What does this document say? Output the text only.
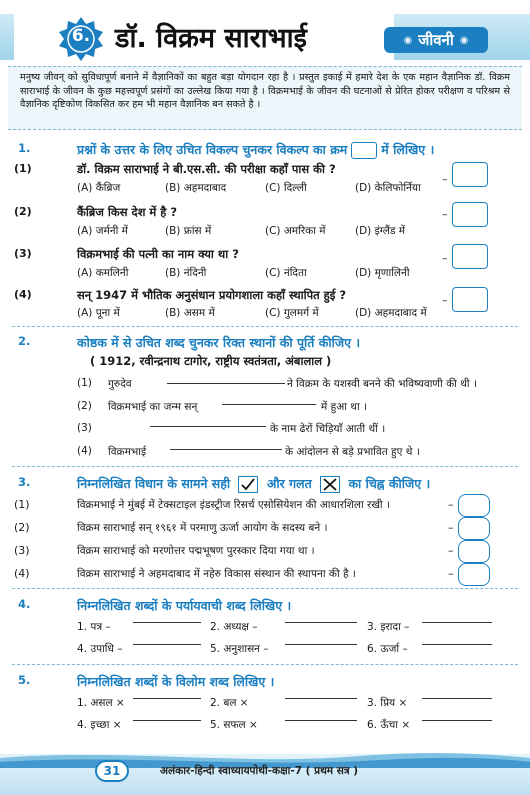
6. डॉ. विक्रम साराभाई	◉ जीवनी ◉
मनुष्य जीवन् को सुविधापूर्ण बनाने में वैज्ञानिकों का बहुत बड़ा योगदान रहा है । प्रस्तुत इकाई में हमारे देश के एक महान वैज्ञानिक डॉ. विक्रम साराभाई के जीवन के कुछ महत्त्वपूर्ण प्रसंगों का उल्लेख किया गया है । विक्रमभाई के जीवन की घटनाओं से प्रेरित होकर परीक्षण व परिश्रम से वैज्ञानिक दृष्टिकोण विकसित कर हम भी महान वैज्ञानिक बन सकते है ।
1.	प्रश्नों के उत्तर के लिए उचित विकल्प चुनकर विकल्प का क्रम	में लिखिए ।
(1)	डॉ. विक्रम साराभाई ने बी.एस.सी. की परीक्षा कहाँ पास की ?
(A) कैंब्रिज	(B) अहमदाबाद	(C) दिल्ली	(D) केलिफोर्निया
–
(2)	कैंब्रिज किस देश में है ?
(A) जर्मनी में	(B) फ्रांस में	(C) अमरिका में	(D) इंग्लैंड में
–
(3)	विक्रमभाई की पत्नी का नाम क्या था ?
(A) कमलिनी	(B) नंदिनी	(C) नंदिता	(D) मृणालिनी
–
(4)	सन् 1947 में भौतिक अनुसंधान प्रयोगशाला कहाँ स्थापित हुई ?
(A) पूना में	(B) असम में	(C) गुलमर्ग में	(D) अहमदाबाद में
–
2.	कोष्ठक में से उचित शब्द चुनकर रिक्त स्थानों की पूर्ति कीजिए ।
( 1912, रवीन्द्रनाथ टागोर, राष्ट्रीय स्वतंत्रता, अंबालाल )
(1) गुरुदेव	ने विक्रम के यशस्वी बनने की भविष्यवाणी की थी ।
(2) विक्रमभाई का जन्म सन्	में हुआ था ।
(3)	के नाम ढेरों चिड़ियाँ आती थीं ।
(4) विक्रमभाई	के आंदोलन से बड़े प्रभावित हुए थे ।
3.	निम्नलिखित विधान के सामने सही	और गलत	का चिह्न कीजिए ।
(1)	विक्रमभाई ने मुंबई में टेक्सटाइल इंडस्ट्रीज रिसर्च एसोसियेशन की आधारशिला रखी ।	–
(2)	विक्रम साराभाई सन् १९६१ में परमाणु ऊर्जा आयोग के सदस्य बने ।	–
(3)	विक्रम साराभाई को मरणोत्तर पद्मभूषण पुरस्कार दिया गया था ।	–
(4)	विक्रम साराभाई ने अहमदाबाद में नहेरु विकास संस्थान की स्थापना की है ।	–
4.	निम्नलिखित शब्दों के पर्यायवाची शब्द लिखिए ।
1. पत्र –	2. अध्यक्ष –	3. इरादा –
4. उपाधि –	5. अनुशासन –	6. ऊर्जा –
5.	निम्नलिखित शब्दों के विलोम शब्द लिखिए ।
1. असल ×	2. बल ×	3. प्रिय ×
4. इच्छा ×	5. सफल ×	6. ऊँचा ×
31	अलंकार-हिन्दी स्वाध्यायपोथी-कक्षा-7 ( प्रथम सत्र )
